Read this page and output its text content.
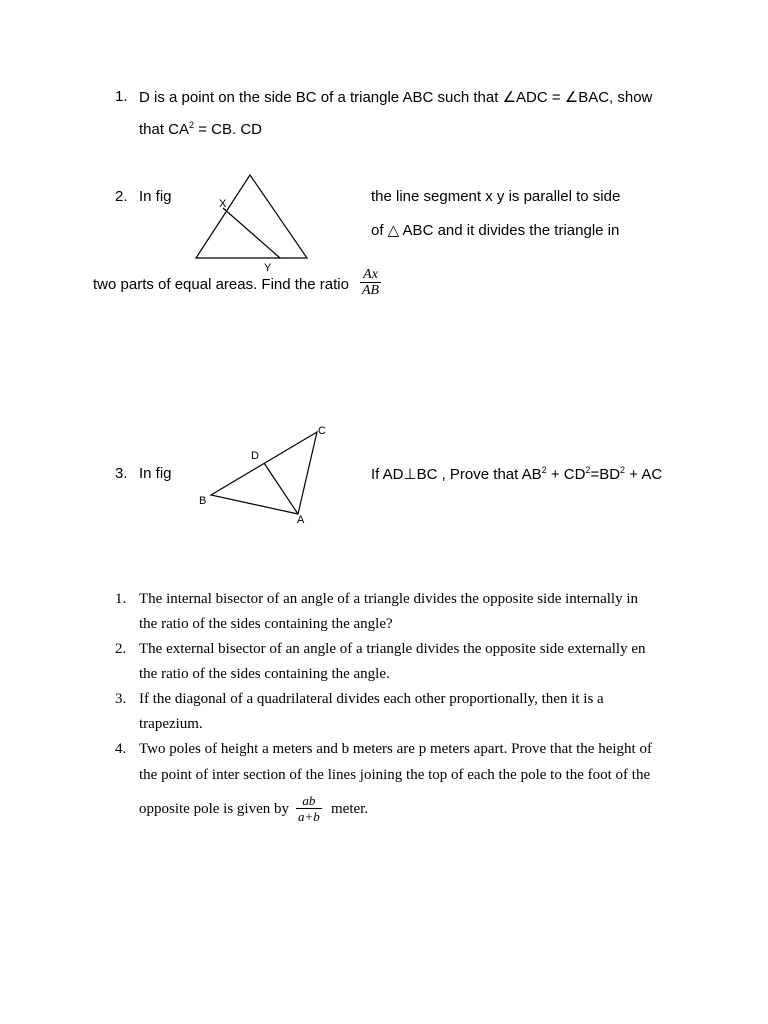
1. D is a point on the side BC of a triangle ABC such that ∠ADC = ∠BAC, show
that $CA^2$ = CB. CD
2. In fig	X
Y
the line segment x y is parallel to side
of △ ABC and it divides the triangle in
two parts of equal areas. Find the ratio $\frac{Ax}{AB}$
3. In fig
C
D
B
A
If AD⊥BC , Prove that $AB^2 + CD^2=BD^2$ + AC
1. The internal bisector of an angle of a triangle divides the opposite side internally in
the ratio of the sides containing the angle?
2. The external bisector of an angle of a triangle divides the opposite side externally en
the ratio of the sides containing the angle.
3. If the diagonal of a quadrilateral divides each other proportionally, then it is a
trapezium.
4. Two poles of height a meters and b meters are p meters apart. Prove that the height of
the point of inter section of the lines joining the top of each the pole to the foot of the
opposite pole is given by $\frac{ab}{a+b}$ meter.
